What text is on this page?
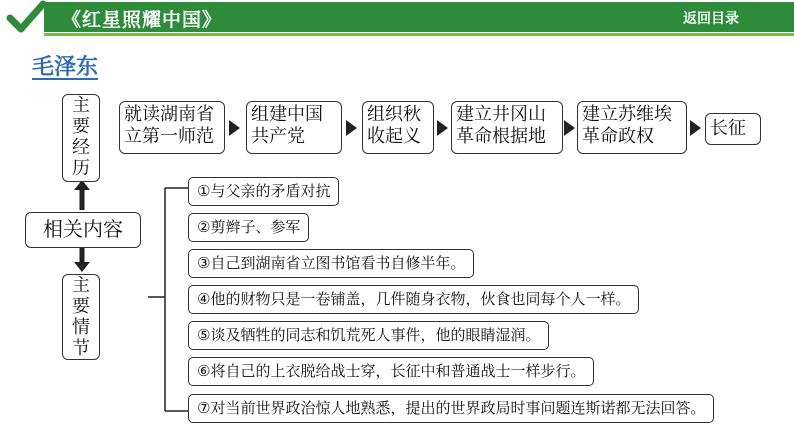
《红星照耀中国》	返回目录
毛泽东
主要经历
就读湖南省立第一师范
组建中国共产党
组织秋收起义
建立井冈山革命根据地
建立苏维埃革命政权	长征
相关内容
主要情节
①与父亲的矛盾对抗
②剪辫子、参军
③自己到湖南省立图书馆看书自修半年。
④他的财物只是一卷铺盖，几件随身衣物，伙食也同每个人一样。
⑤谈及牺牲的同志和饥荒死人事件，他的眼睛湿润。
⑥将自己的上衣脱给战士穿，长征中和普通战士一样步行。
⑦对当前世界政治惊人地熟悉，提出的世界政局时事问题连斯诺都无法回答。
